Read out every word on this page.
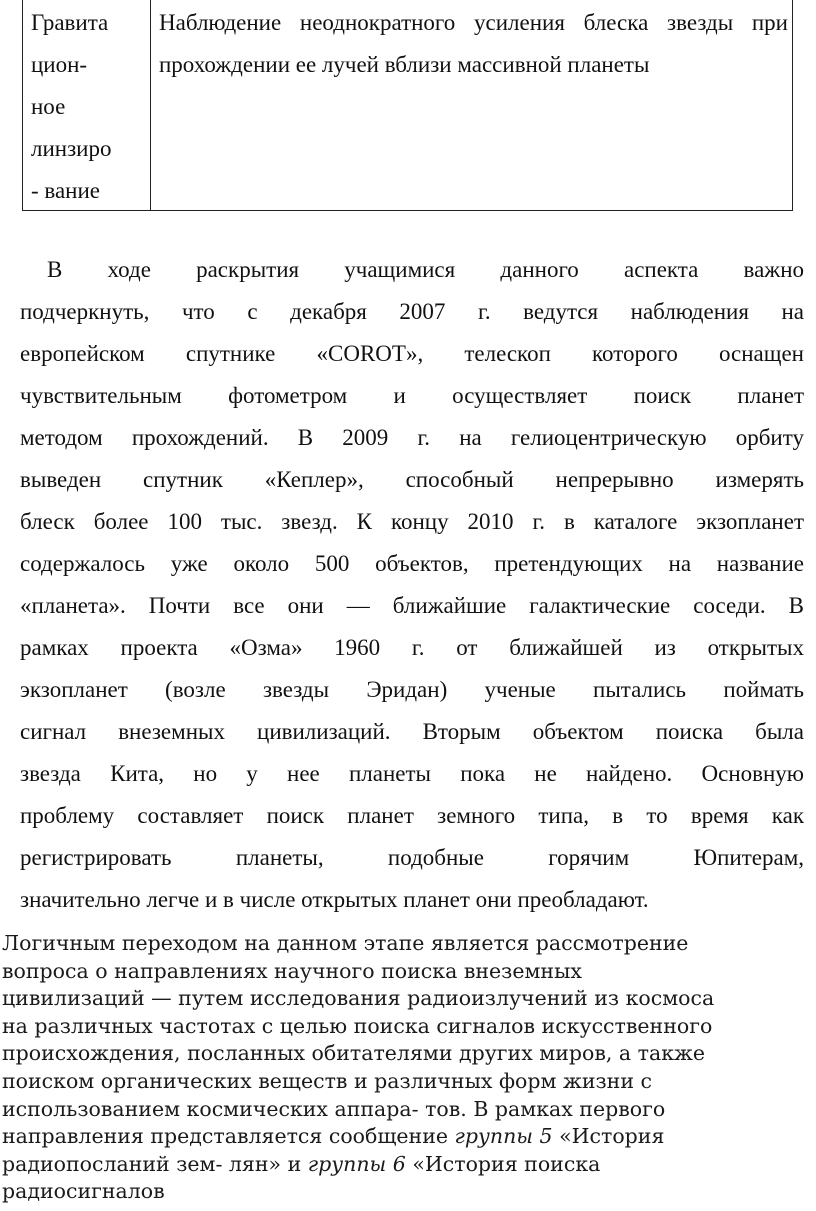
Гравита
цион-
ное
линзиро
- вание
Наблюдение неоднократного усиления блеска звезды при прохождении ее лучей вблизи массивной планеты
В ходе раскрытия учащимися данного аспекта важно
подчеркнуть, что с декабря 2007 г. ведутся наблюдения на
европейском спутнике «COROT», телескоп которого оснащен
чувствительным фотометром и осуществляет поиск планет
методом прохождений. В 2009 г. на гелиоцентрическую орбиту
выведен спутник «Кеплер», способный непрерывно измерять
блеск более 100 тыс. звезд. К концу 2010 г. в каталоге экзопланет
содержалось уже около 500 объектов, претендующих на название
«планета». Почти все они — ближайшие галактические соседи. В
рамках проекта «Озма» 1960 г. от ближайшей из открытых
экзопланет (возле звезды Эридан) ученые пытались поймать
сигнал внеземных цивилизаций. Вторым объектом поиска была
звезда Кита, но у нее планеты пока не найдено. Основную
проблему составляет поиск планет земного типа, в то время как
регистрировать планеты, подобные горячим Юпитерам,
значительно легче и в числе открытых планет они преобладают.
Логичным переходом на данном этапе является рассмотрение
вопроса о направлениях научного поиска внеземных
цивилизаций — путем исследования радиоизлучений из космоса
на различных частотах с целью поиска сигналов искусственного
происхождения, посланных обитателями других миров, а также
поиском органических веществ и различных форм жизни с
использованием космических аппара- тов. В рамках первого
направления представляется сообщение группы 5 «История
радиопосланий зем- лян» и группы 6 «История поиска
радиосигналов
